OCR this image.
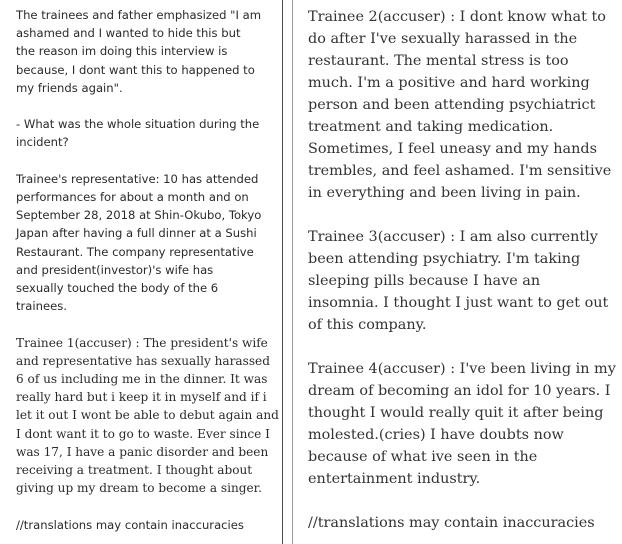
The trainees and father emphasized "I am
ashamed and I wanted to hide this but
the reason im doing this interview is
because, I dont want this to happened to
my friends again".

- What was the whole situation during the
incident?

Trainee's representative: 10 has attended
performances for about a month and on
September 28, 2018 at Shin-Okubo, Tokyo
Japan after having a full dinner at a Sushi
Restaurant. The company representative
and president(investor)'s wife has
sexually touched the body of the 6
trainees.

Trainee 1(accuser) : The president's wife
and representative has sexually harassed
6 of us including me in the dinner. It was
really hard but i keep it in myself and if i
let it out I wont be able to debut again and
I dont want it to go to waste. Ever since I
was 17, I have a panic disorder and been
receiving a treatment. I thought about
giving up my dream to become a singer.

//translations may contain inaccuracies

Trainee 2(accuser) : I dont know what to
do after I've sexually harassed in the
restaurant. The mental stress is too
much. I'm a positive and hard working
person and been attending psychiatrict
treatment and taking medication.
Sometimes, I feel uneasy and my hands
trembles, and feel ashamed. I'm sensitive
in everything and been living in pain.

Trainee 3(accuser) : I am also currently
been attending psychiatry. I'm taking
sleeping pills because I have an
insomnia. I thought I just want to get out
of this company.

Trainee 4(accuser) : I've been living in my
dream of becoming an idol for 10 years. I
thought I would really quit it after being
molested.(cries) I have doubts now
because of what ive seen in the
entertainment industry.

//translations may contain inaccuracies
